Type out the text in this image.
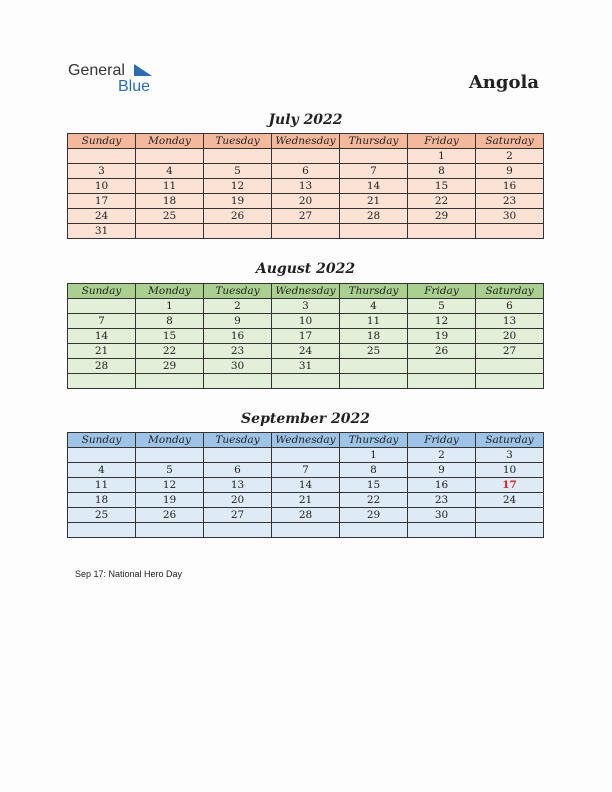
General
Blue	Angola
July 2022
Sunday	Monday	Tuesday	Wednesday	Thursday	Friday	Saturday
					1	2
3	4	5	6	7	8	9
10	11	12	13	14	15	16
17	18	19	20	21	22	23
24	25	26	27	28	29	30
31						
August 2022
Sunday	Monday	Tuesday	Wednesday	Thursday	Friday	Saturday
	1	2	3	4	5	6
7	8	9	10	11	12	13
14	15	16	17	18	19	20
21	22	23	24	25	26	27
28	29	30	31			

September 2022
Sunday	Monday	Tuesday	Wednesday	Thursday	Friday	Saturday
				1	2	3
4	5	6	7	8	9	10
11	12	13	14	15	16	17
18	19	20	21	22	23	24
25	26	27	28	29	30	

Sep 17: National Hero Day
